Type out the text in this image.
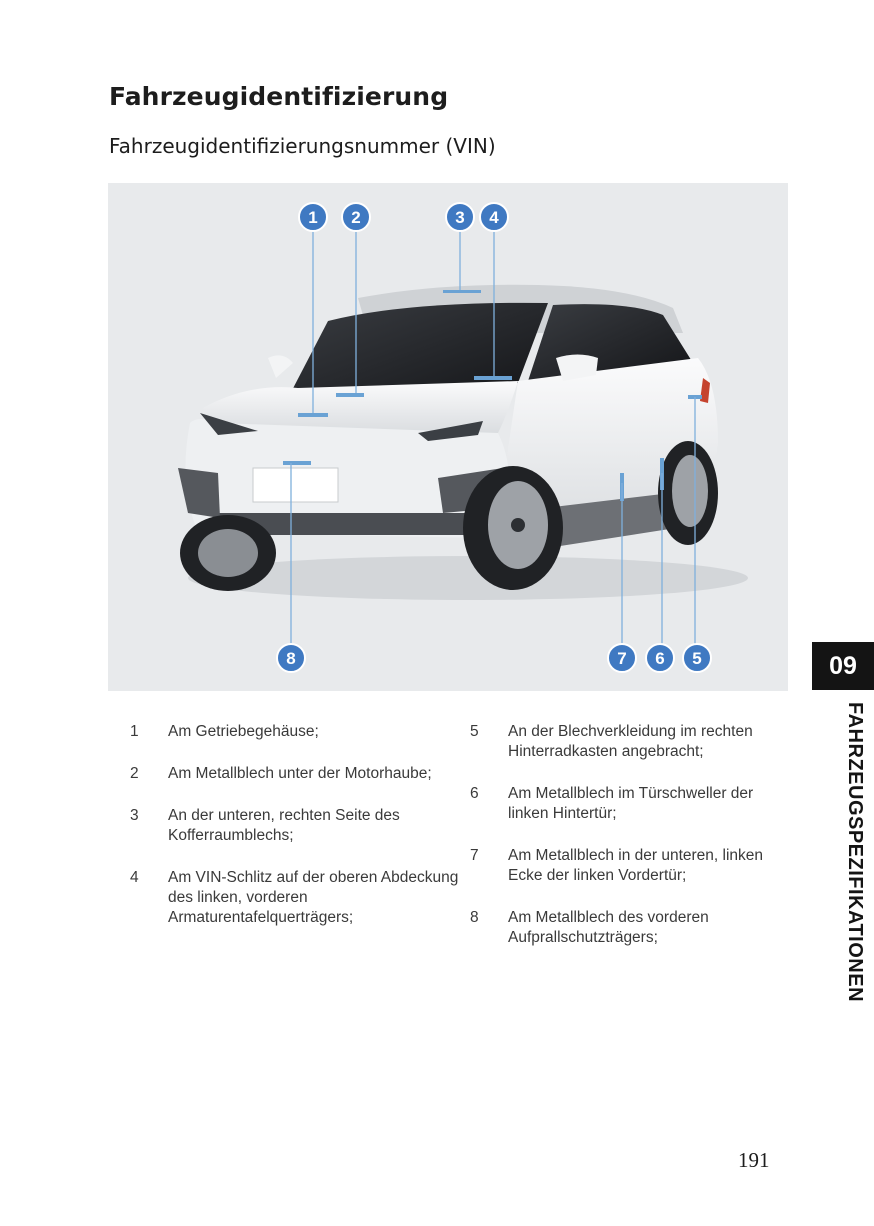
Fahrzeugidentifizierung
Fahrzeugidentifizierungsnummer (VIN)
1 2	3 4
8	7 6 5
1	Am Getriebegehäuse;
2	Am Metallblech unter der Motorhaube;
3	An der unteren, rechten Seite des Kofferraumblechs;
4	Am VIN-Schlitz auf der oberen Abdeckung des linken, vorderen Armaturentafelquerträgers;
5	An der Blechverkleidung im rechten Hinterradkasten angebracht;
6	Am Metallblech im Türschweller der linken Hintertür;
7	Am Metallblech in der unteren, linken Ecke der linken Vordertür;
8	Am Metallblech des vorderen Aufprallschutzträgers;
09
FAHRZEUGSPEZIFIKATIONEN
191
